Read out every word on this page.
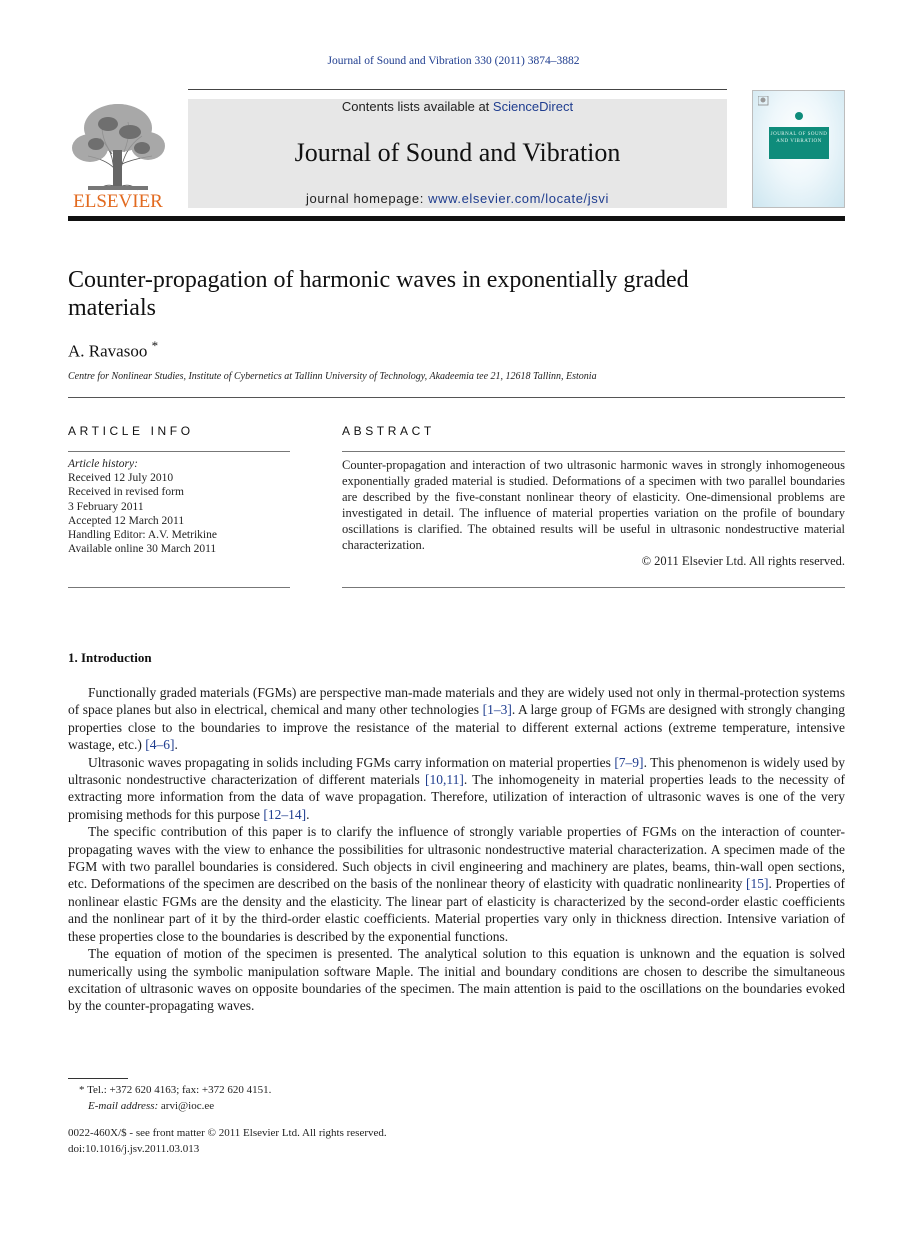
Journal of Sound and Vibration 330 (2011) 3874–3882
ELSEVIER
Contents lists available at ScienceDirect
Journal of Sound and Vibration
journal homepage: www.elsevier.com/locate/jsvi
JOURNAL OF SOUND AND VIBRATION
Counter-propagation of harmonic waves in exponentially graded materials
A. Ravasoo *
Centre for Nonlinear Studies, Institute of Cybernetics at Tallinn University of Technology, Akadeemia tee 21, 12618 Tallinn, Estonia
ARTICLE INFO	ABSTRACT
Article history:
Received 12 July 2010
Received in revised form
3 February 2011
Accepted 12 March 2011
Handling Editor: A.V. Metrikine
Available online 30 March 2011
Counter-propagation and interaction of two ultrasonic harmonic waves in strongly inhomogeneous exponentially graded material is studied. Deformations of a specimen with two parallel boundaries are described by the five-constant nonlinear theory of elasticity. One-dimensional problems are investigated in detail. The influence of material properties variation on the profile of boundary oscillations is clarified. The obtained results will be useful in ultrasonic nondestructive material characterization.
© 2011 Elsevier Ltd. All rights reserved.
1. Introduction

Functionally graded materials (FGMs) are perspective man-made materials and they are widely used not only in thermal-protection systems of space planes but also in electrical, chemical and many other technologies [1–3]. A large group of FGMs are designed with strongly changing properties close to the boundaries to improve the resistance of the material to different external actions (extreme temperature, intensive wastage, etc.) [4–6].

Ultrasonic waves propagating in solids including FGMs carry information on material properties [7–9]. This phenomenon is widely used by ultrasonic nondestructive characterization of different materials [10,11]. The inhomogeneity in material properties leads to the necessity of extracting more information from the data of wave propagation. Therefore, utilization of interaction of ultrasonic waves is one of the very promising methods for this purpose [12–14].

The specific contribution of this paper is to clarify the influence of strongly variable properties of FGMs on the interaction of counter-propagating waves with the view to enhance the possibilities for ultrasonic nondestructive material characterization. A specimen made of the FGM with two parallel boundaries is considered. Such objects in civil engineering and machinery are plates, beams, thin-wall open sections, etc. Deformations of the specimen are described on the basis of the nonlinear theory of elasticity with quadratic nonlinearity [15]. Properties of nonlinear elastic FGMs are the density and the elasticity. The linear part of elasticity is characterized by the second-order elastic coefficients and the nonlinear part of it by the third-order elastic coefficients. Material properties vary only in thickness direction. Intensive variation of these properties close to the boundaries is described by the exponential functions.

The equation of motion of the specimen is presented. The analytical solution to this equation is unknown and the equation is solved numerically using the symbolic manipulation software Maple. The initial and boundary conditions are chosen to describe the simultaneous excitation of ultrasonic waves on opposite boundaries of the specimen. The main attention is paid to the oscillations on the boundaries evoked by the counter-propagating waves.

* Tel.: +372 620 4163; fax: +372 620 4151.
E-mail address: arvi@ioc.ee
0022-460X/$ - see front matter © 2011 Elsevier Ltd. All rights reserved.
doi:10.1016/j.jsv.2011.03.013
